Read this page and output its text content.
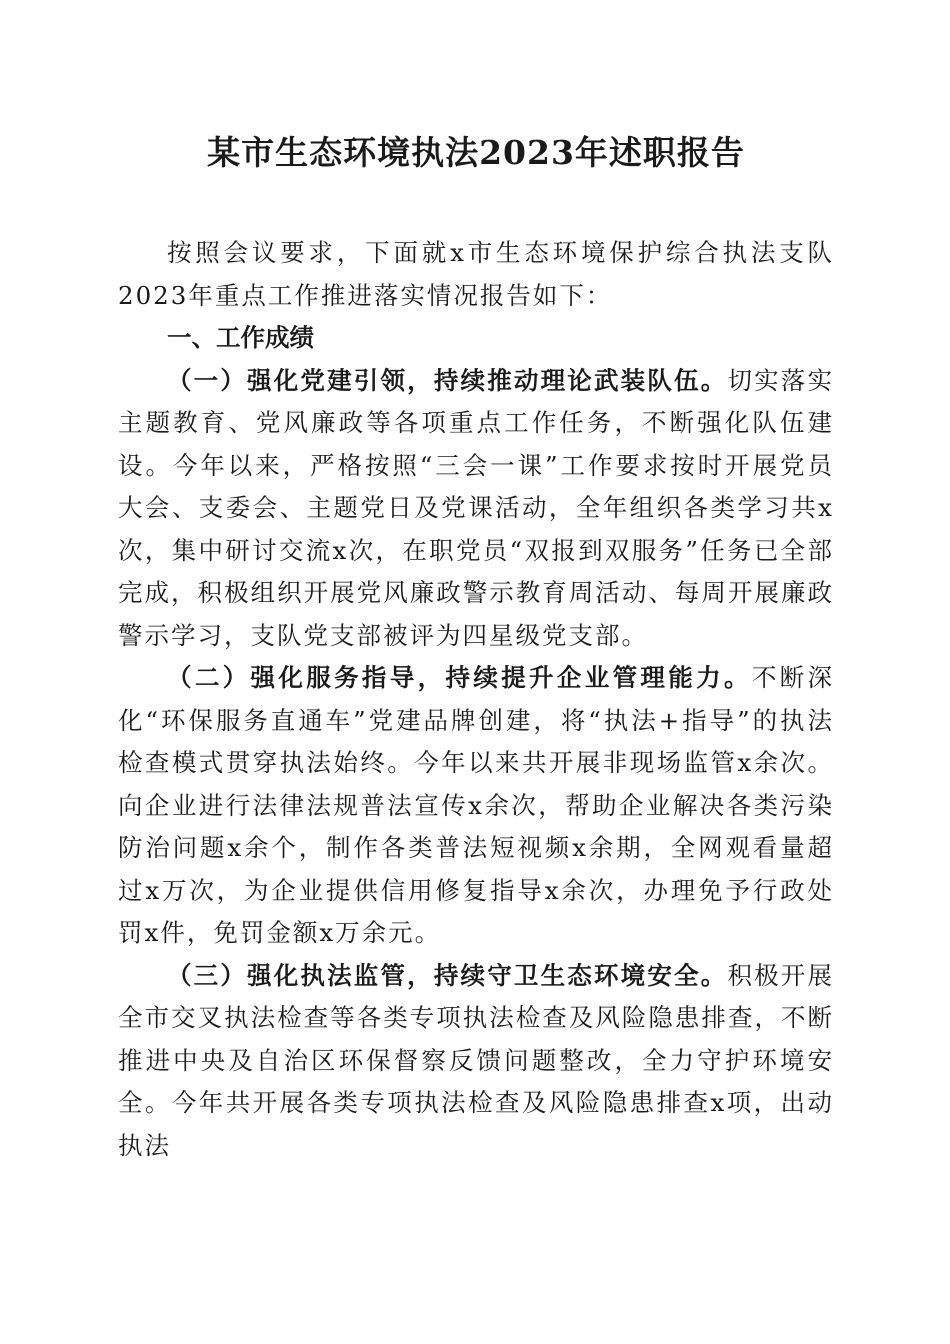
某市生态环境执法2023年述职报告

按照会议要求，下面就x市生态环境保护综合执法支队2023年重点工作推进落实情况报告如下：

一、工作成绩

（一）强化党建引领，持续推动理论武装队伍。切实落实主题教育、党风廉政等各项重点工作任务，不断强化队伍建设。今年以来，严格按照“三会一课”工作要求按时开展党员大会、支委会、主题党日及党课活动，全年组织各类学习共x次，集中研讨交流x次，在职党员“双报到双服务”任务已全部完成，积极组织开展党风廉政警示教育周活动、每周开展廉政警示学习，支队党支部被评为四星级党支部。

（二）强化服务指导，持续提升企业管理能力。不断深化“环保服务直通车”党建品牌创建，将“执法+指导”的执法检查模式贯穿执法始终。今年以来共开展非现场监管x余次。向企业进行法律法规普法宣传x余次，帮助企业解决各类污染防治问题x余个，制作各类普法短视频x余期，全网观看量超过x万次，为企业提供信用修复指导x余次，办理免予行政处罚x件，免罚金额x万余元。

（三）强化执法监管，持续守卫生态环境安全。积极开展全市交叉执法检查等各类专项执法检查及风险隐患排查，不断推进中央及自治区环保督察反馈问题整改，全力守护环境安全。今年共开展各类专项执法检查及风险隐患排查x项，出动执法
